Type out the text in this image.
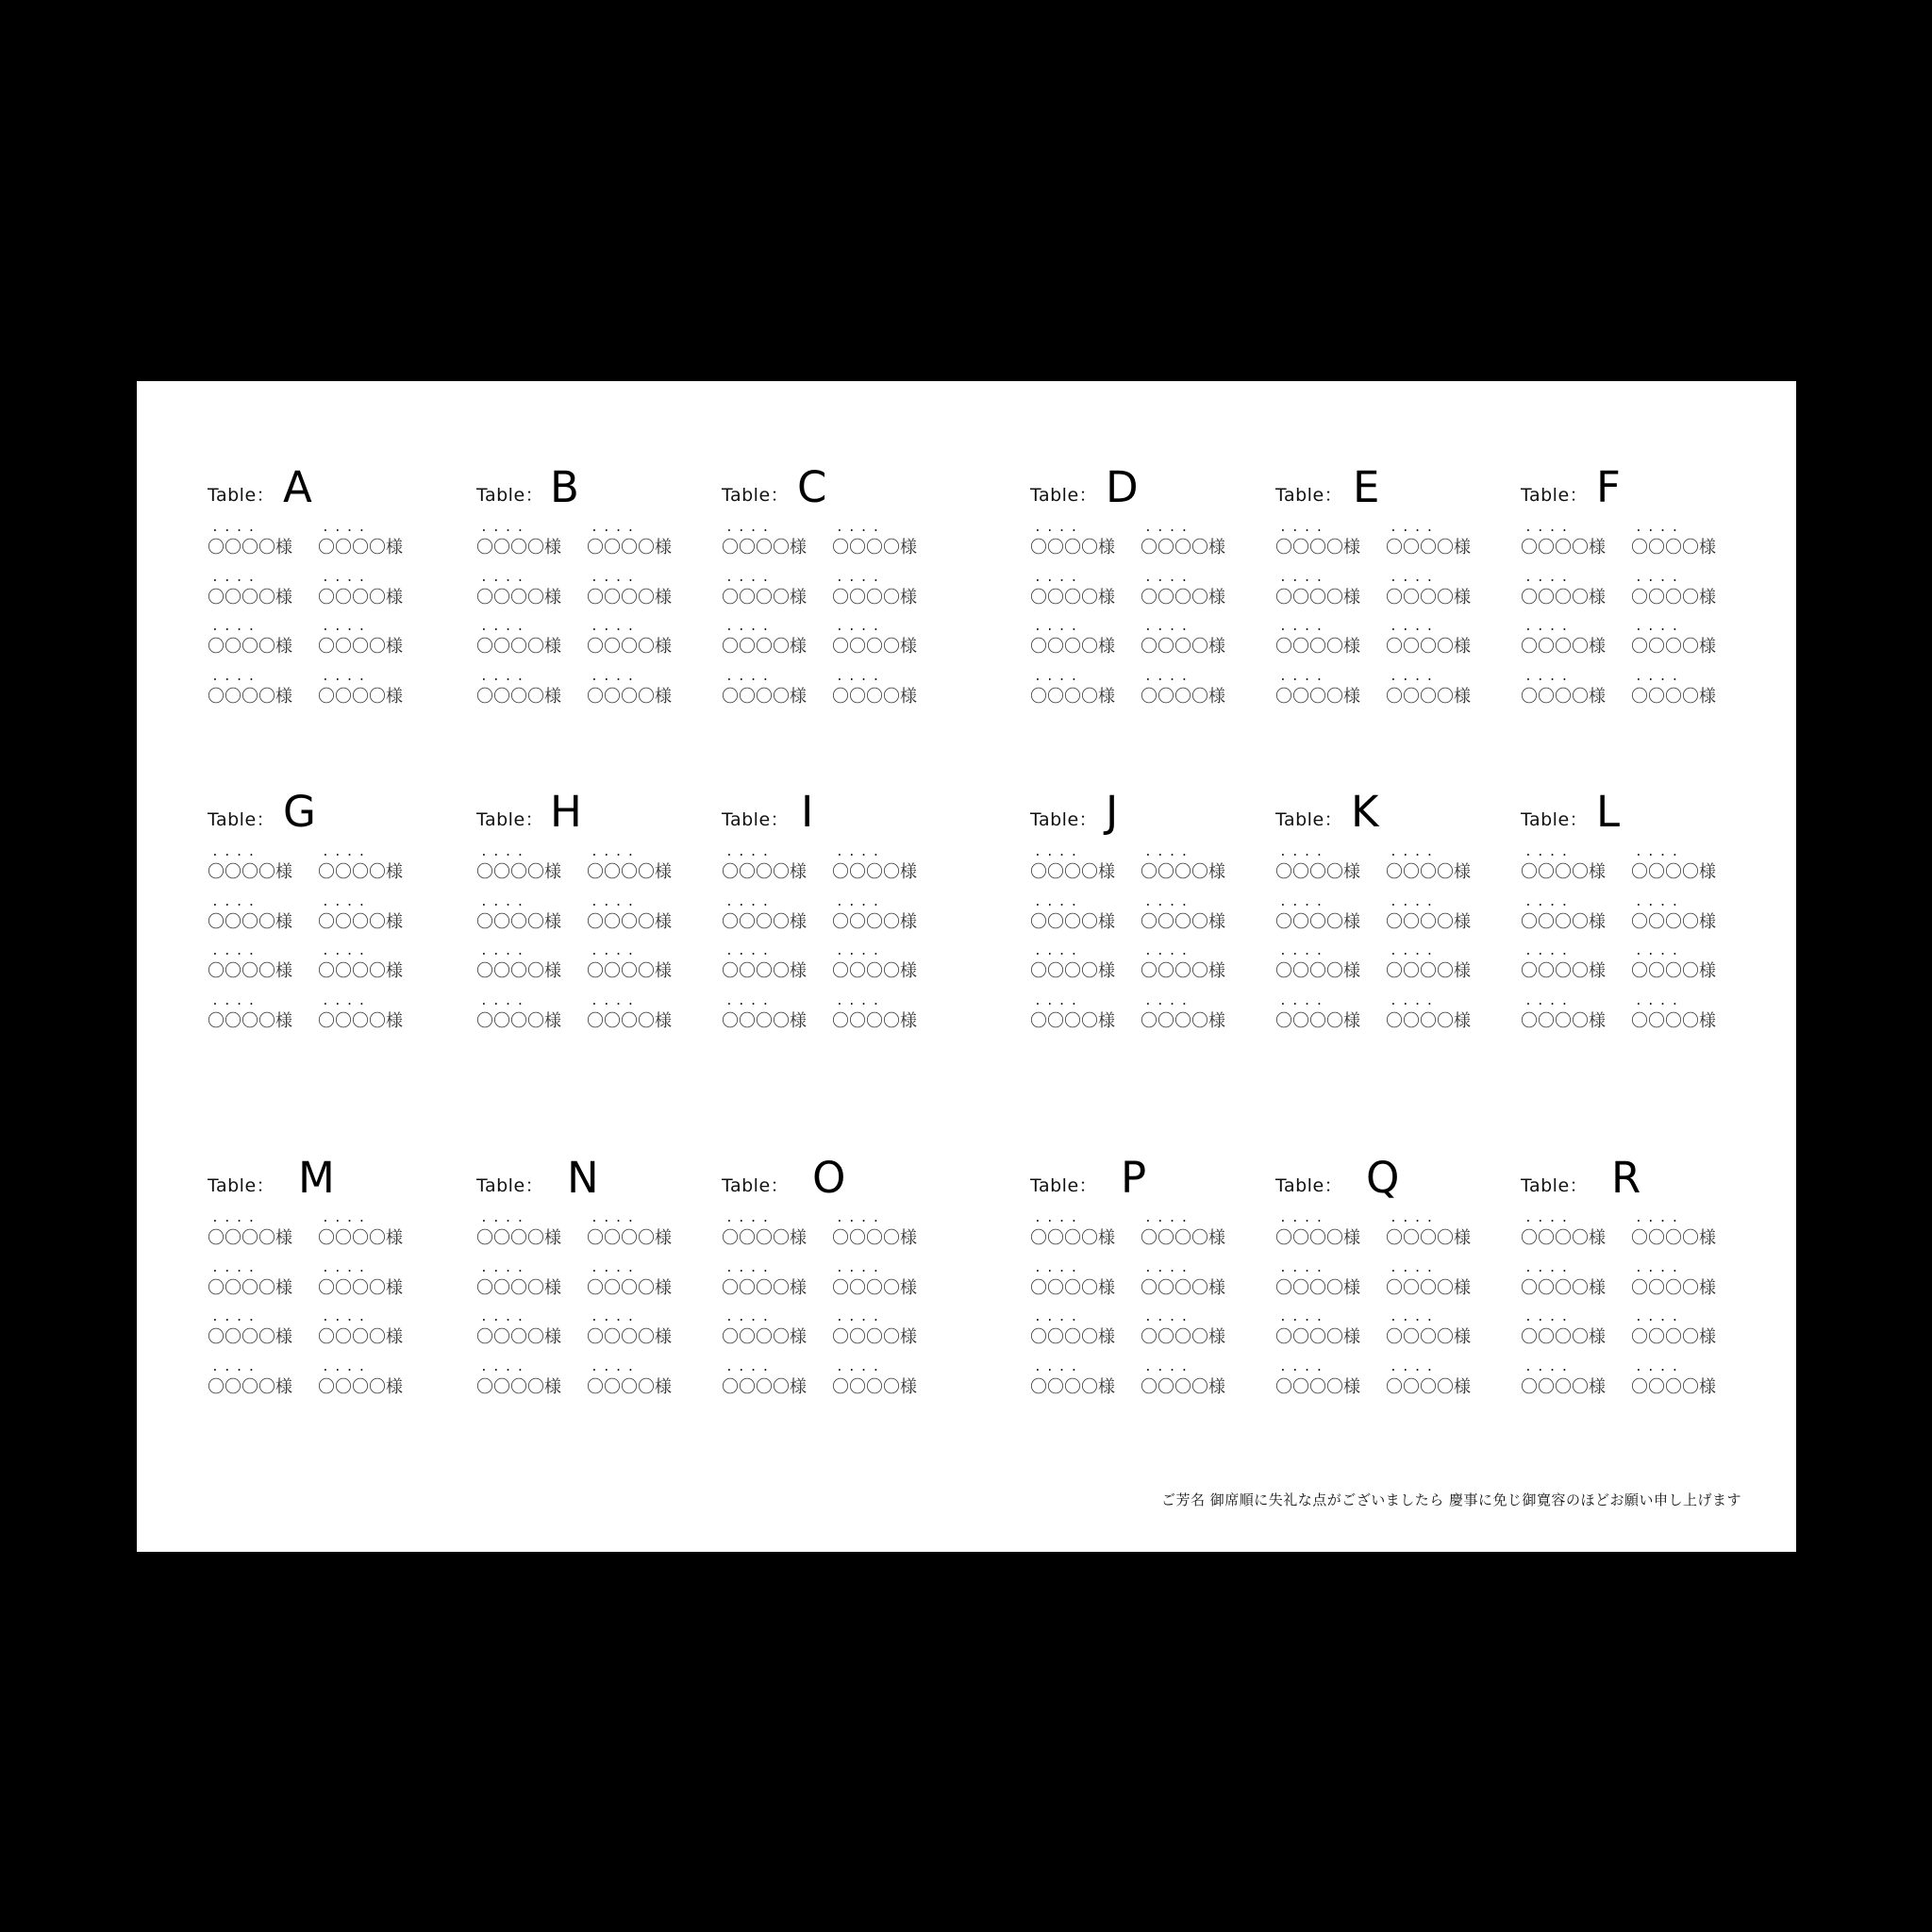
Table： A
....
〇〇〇〇様
....
〇〇〇〇様
....
〇〇〇〇様
....
〇〇〇〇様
....
〇〇〇〇様
....
〇〇〇〇様
....
〇〇〇〇様
....
〇〇〇〇様
Table： B
....
〇〇〇〇様
....
〇〇〇〇様
....
〇〇〇〇様
....
〇〇〇〇様
....
〇〇〇〇様
....
〇〇〇〇様
....
〇〇〇〇様
....
〇〇〇〇様
Table： C
....
〇〇〇〇様
....
〇〇〇〇様
....
〇〇〇〇様
....
〇〇〇〇様
....
〇〇〇〇様
....
〇〇〇〇様
....
〇〇〇〇様
....
〇〇〇〇様
Table： D
....
〇〇〇〇様
....
〇〇〇〇様
....
〇〇〇〇様
....
〇〇〇〇様
....
〇〇〇〇様
....
〇〇〇〇様
....
〇〇〇〇様
....
〇〇〇〇様
Table： E
....
〇〇〇〇様
....
〇〇〇〇様
....
〇〇〇〇様
....
〇〇〇〇様
....
〇〇〇〇様
....
〇〇〇〇様
....
〇〇〇〇様
....
〇〇〇〇様
Table： F
....
〇〇〇〇様
....
〇〇〇〇様
....
〇〇〇〇様
....
〇〇〇〇様
....
〇〇〇〇様
....
〇〇〇〇様
....
〇〇〇〇様
....
〇〇〇〇様
Table： G
....
〇〇〇〇様
....
〇〇〇〇様
....
〇〇〇〇様
....
〇〇〇〇様
....
〇〇〇〇様
....
〇〇〇〇様
....
〇〇〇〇様
....
〇〇〇〇様
Table： H
....
〇〇〇〇様
....
〇〇〇〇様
....
〇〇〇〇様
....
〇〇〇〇様
....
〇〇〇〇様
....
〇〇〇〇様
....
〇〇〇〇様
....
〇〇〇〇様
Table： I
....
〇〇〇〇様
....
〇〇〇〇様
....
〇〇〇〇様
....
〇〇〇〇様
....
〇〇〇〇様
....
〇〇〇〇様
....
〇〇〇〇様
....
〇〇〇〇様
Table： J
....
〇〇〇〇様
....
〇〇〇〇様
....
〇〇〇〇様
....
〇〇〇〇様
....
〇〇〇〇様
....
〇〇〇〇様
....
〇〇〇〇様
....
〇〇〇〇様
Table： K
....
〇〇〇〇様
....
〇〇〇〇様
....
〇〇〇〇様
....
〇〇〇〇様
....
〇〇〇〇様
....
〇〇〇〇様
....
〇〇〇〇様
....
〇〇〇〇様
Table： L
....
〇〇〇〇様
....
〇〇〇〇様
....
〇〇〇〇様
....
〇〇〇〇様
....
〇〇〇〇様
....
〇〇〇〇様
....
〇〇〇〇様
....
〇〇〇〇様
Table： M
....
〇〇〇〇様
....
〇〇〇〇様
....
〇〇〇〇様
....
〇〇〇〇様
....
〇〇〇〇様
....
〇〇〇〇様
....
〇〇〇〇様
....
〇〇〇〇様
Table： N
....
〇〇〇〇様
....
〇〇〇〇様
....
〇〇〇〇様
....
〇〇〇〇様
....
〇〇〇〇様
....
〇〇〇〇様
....
〇〇〇〇様
....
〇〇〇〇様
Table： O
....
〇〇〇〇様
....
〇〇〇〇様
....
〇〇〇〇様
....
〇〇〇〇様
....
〇〇〇〇様
....
〇〇〇〇様
....
〇〇〇〇様
....
〇〇〇〇様
Table： P
....
〇〇〇〇様
....
〇〇〇〇様
....
〇〇〇〇様
....
〇〇〇〇様
....
〇〇〇〇様
....
〇〇〇〇様
....
〇〇〇〇様
....
〇〇〇〇様
Table： Q
....
〇〇〇〇様
....
〇〇〇〇様
....
〇〇〇〇様
....
〇〇〇〇様
....
〇〇〇〇様
....
〇〇〇〇様
....
〇〇〇〇様
....
〇〇〇〇様
Table： R
....
〇〇〇〇様
....
〇〇〇〇様
....
〇〇〇〇様
....
〇〇〇〇様
....
〇〇〇〇様
....
〇〇〇〇様
....
〇〇〇〇様
....
〇〇〇〇様
ご芳名 御席順に失礼な点がございましたら 慶事に免じ御寛容のほどお願い申し上げます
